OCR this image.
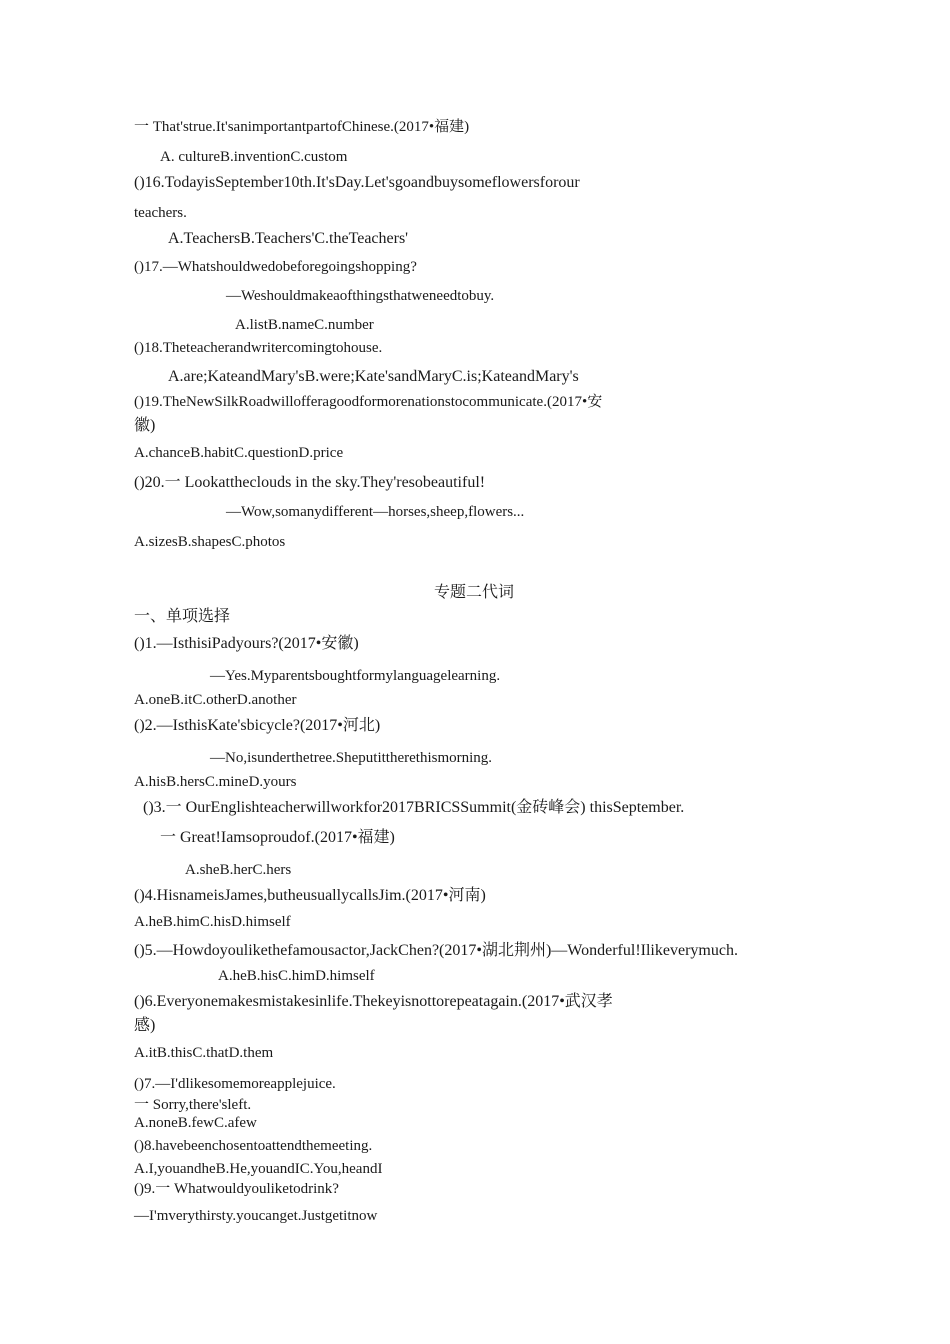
一 That'strue.It'sanimportantpartofChinese.(2017•福建)
A. cultureB.inventionC.custom
()16.TodayisSeptember10th.It'sDay.Let'sgoandbuysomeflowersforour
teachers.
A.TeachersB.Teachers'C.theTeachers'
()17.—Whatshouldwedobeforegoingshopping?
—Weshouldmakeaofthingsthatweneedtobuy.
A.listB.nameC.number
()18.Theteacherandwritercomingtohouse.
A.are;KateandMary'sB.were;Kate'sandMaryC.is;KateandMary's
()19.TheNewSilkRoadwillofferagoodformorenationstocommunicate.(2017•安
徽)
A.chanceB.habitC.questionD.price
()20.一 Lookattheclouds in the sky.They'resobeautiful!
—Wow,somanydifferent—horses,sheep,flowers...
A.sizesB.shapesC.photos
专题二代词
一、单项选择
()1.—IsthisiPadyours?(2017•安徽)
—Yes.Myparentsboughtformylanguagelearning.
A.oneB.itC.otherD.another
()2.—IsthisKate'sbicycle?(2017•河北)
—No,isunderthetree.Sheputittherethismorning.
A.hisB.hersC.mineD.yours
()3.一 OurEnglishteacherwillworkfor2017BRICSSummit(金砖峰会) thisSeptember.
一 Great!Iamsoproudof.(2017•福建)
A.sheB.herC.hers
()4.HisnameisJames,butheusuallycallsJim.(2017•河南)
A.heB.himC.hisD.himself
()5.—Howdoyoulikethefamousactor,JackChen?(2017•湖北荆州)—Wonderful!Ilikeverymuch.
A.heB.hisC.himD.himself
()6.Everyonemakesmistakesinlife.Thekeyisnottorepeatagain.(2017•武汉孝
感)
A.itB.thisC.thatD.them
()7.—I'dlikesomemoreapplejuice.
一 Sorry,there'sleft.
A.noneB.fewC.afew
()8.havebeenchosentoattendthemeeting.
A.I,youandheB.He,youandIC.You,heandI
()9.一 Whatwouldyouliketodrink?
—I'mverythirsty.youcanget.Justgetitnow
